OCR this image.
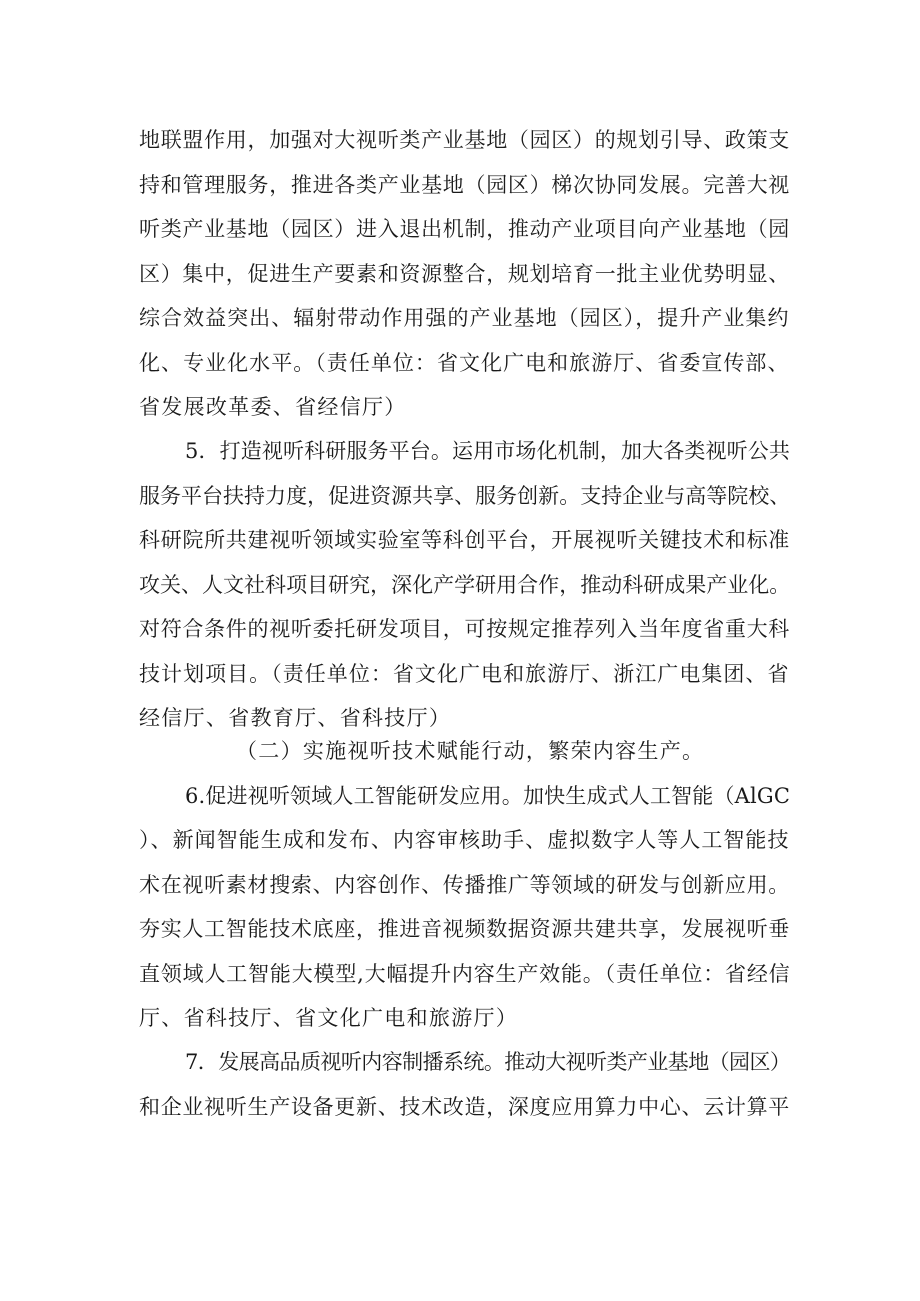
地联盟作用，加强对大视听类产业基地（园区）的规划引导、政策支
持和管理服务，推进各类产业基地（园区）梯次协同发展。完善大视
听类产业基地（园区）进入退出机制，推动产业项目向产业基地（园
区）集中，促进生产要素和资源整合，规划培育一批主业优势明显、
综合效益突出、辐射带动作用强的产业基地（园区），提升产业集约
化、专业化水平。（责任单位：省文化广电和旅游厅、省委宣传部、
省发展改革委、省经信厅）
5．打造视听科研服务平台。运用市场化机制，加大各类视听公共
服务平台扶持力度，促进资源共享、服务创新。支持企业与高等院校、
科研院所共建视听领域实验室等科创平台，开展视听关键技术和标准
攻关、人文社科项目研究，深化产学研用合作，推动科研成果产业化。
对符合条件的视听委托研发项目，可按规定推荐列入当年度省重大科
技计划项目。（责任单位：省文化广电和旅游厅、浙江广电集团、省
经信厅、省教育厅、省科技厅）
（二）实施视听技术赋能行动，繁荣内容生产。
6.促进视听领域人工智能研发应用。加快生成式人工智能（AlGC
）、新闻智能生成和发布、内容审核助手、虚拟数字人等人工智能技
术在视听素材搜索、内容创作、传播推广等领域的研发与创新应用。
夯实人工智能技术底座，推进音视频数据资源共建共享，发展视听垂
直领域人工智能大模型,大幅提升内容生产效能。（责任单位：省经信
厅、省科技厅、省文化广电和旅游厅）
7．发展高品质视听内容制播系统。推动大视听类产业基地（园区）
和企业视听生产设备更新、技术改造，深度应用算力中心、云计算平
